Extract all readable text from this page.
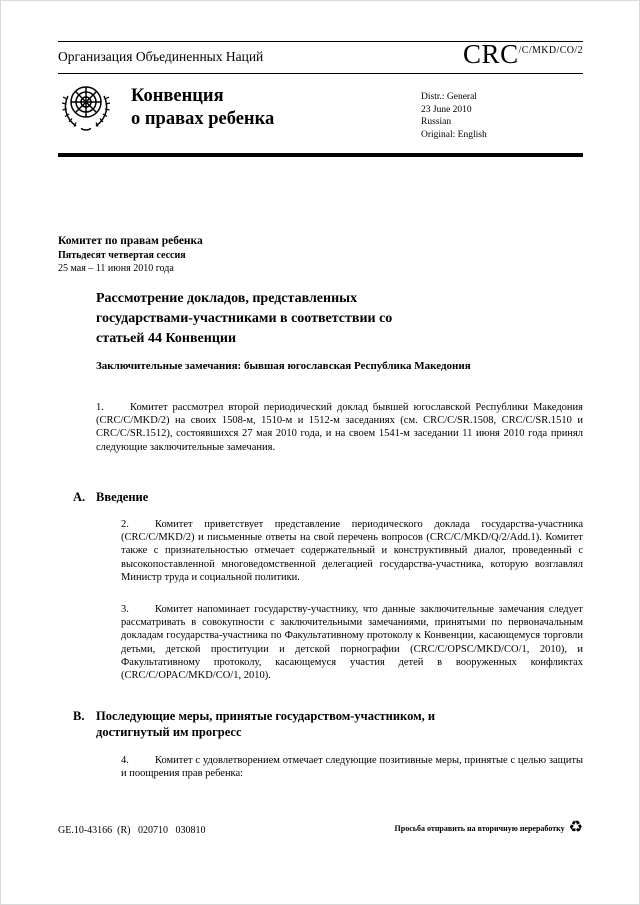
Организация Объединенных Наций	$CRC^{/C/MKD/CO/2}$
Конвенция
о правах ребенка
Distr.: General
23 June 2010
Russian
Original: English
Комитет по правам ребенка
Пятьдесят четвертая сессия
25 мая – 11 июня 2010 года
Рассмотрение докладов, представленных государствами-участниками в соответствии со статьей 44 Конвенции
Заключительные замечания: бывшая югославская Республика Македония
1. Комитет рассмотрел второй периодический доклад бывшей югославской Республики Македония (CRC/C/MKD/2) на своих 1508-м, 1510-м и 1512-м заседаниях (см. CRC/C/SR.1508, CRC/C/SR.1510 и CRC/C/SR.1512), состоявшихся 27 мая 2010 года, и на своем 1541-м заседании 11 июня 2010 года принял следующие заключительные замечания.
A. Введение
2. Комитет приветствует представление периодического доклада государства-участника (CRC/C/MKD/2) и письменные ответы на свой перечень вопросов (CRC/C/MKD/Q/2/Add.1). Комитет также с признательностью отмечает содержательный и конструктивный диалог, проведенный с высокопоставленной многоведомственной делегацией государства-участника, которую возглавлял Министр труда и социальной политики.
3. Комитет напоминает государству-участнику, что данные заключительные замечания следует рассматривать в совокупности с заключительными замечаниями, принятыми по первоначальным докладам государства-участника по Факультативному протоколу к Конвенции, касающемуся торговли детьми, детской проституции и детской порнографии (CRC/C/OPSC/MKD/CO/1, 2010), и Факультативному протоколу, касающемуся участия детей в вооруженных конфликтах (CRC/C/OPAC/MKD/CO/1, 2010).
B. Последующие меры, принятые государством-участником, и достигнутый им прогресс
4. Комитет с удовлетворением отмечает следующие позитивные меры, принятые с целью защиты и поощрения прав ребенка:
GE.10-43166  (R)   020710   030810	Просьба отправить на вторичную переработку ♻
